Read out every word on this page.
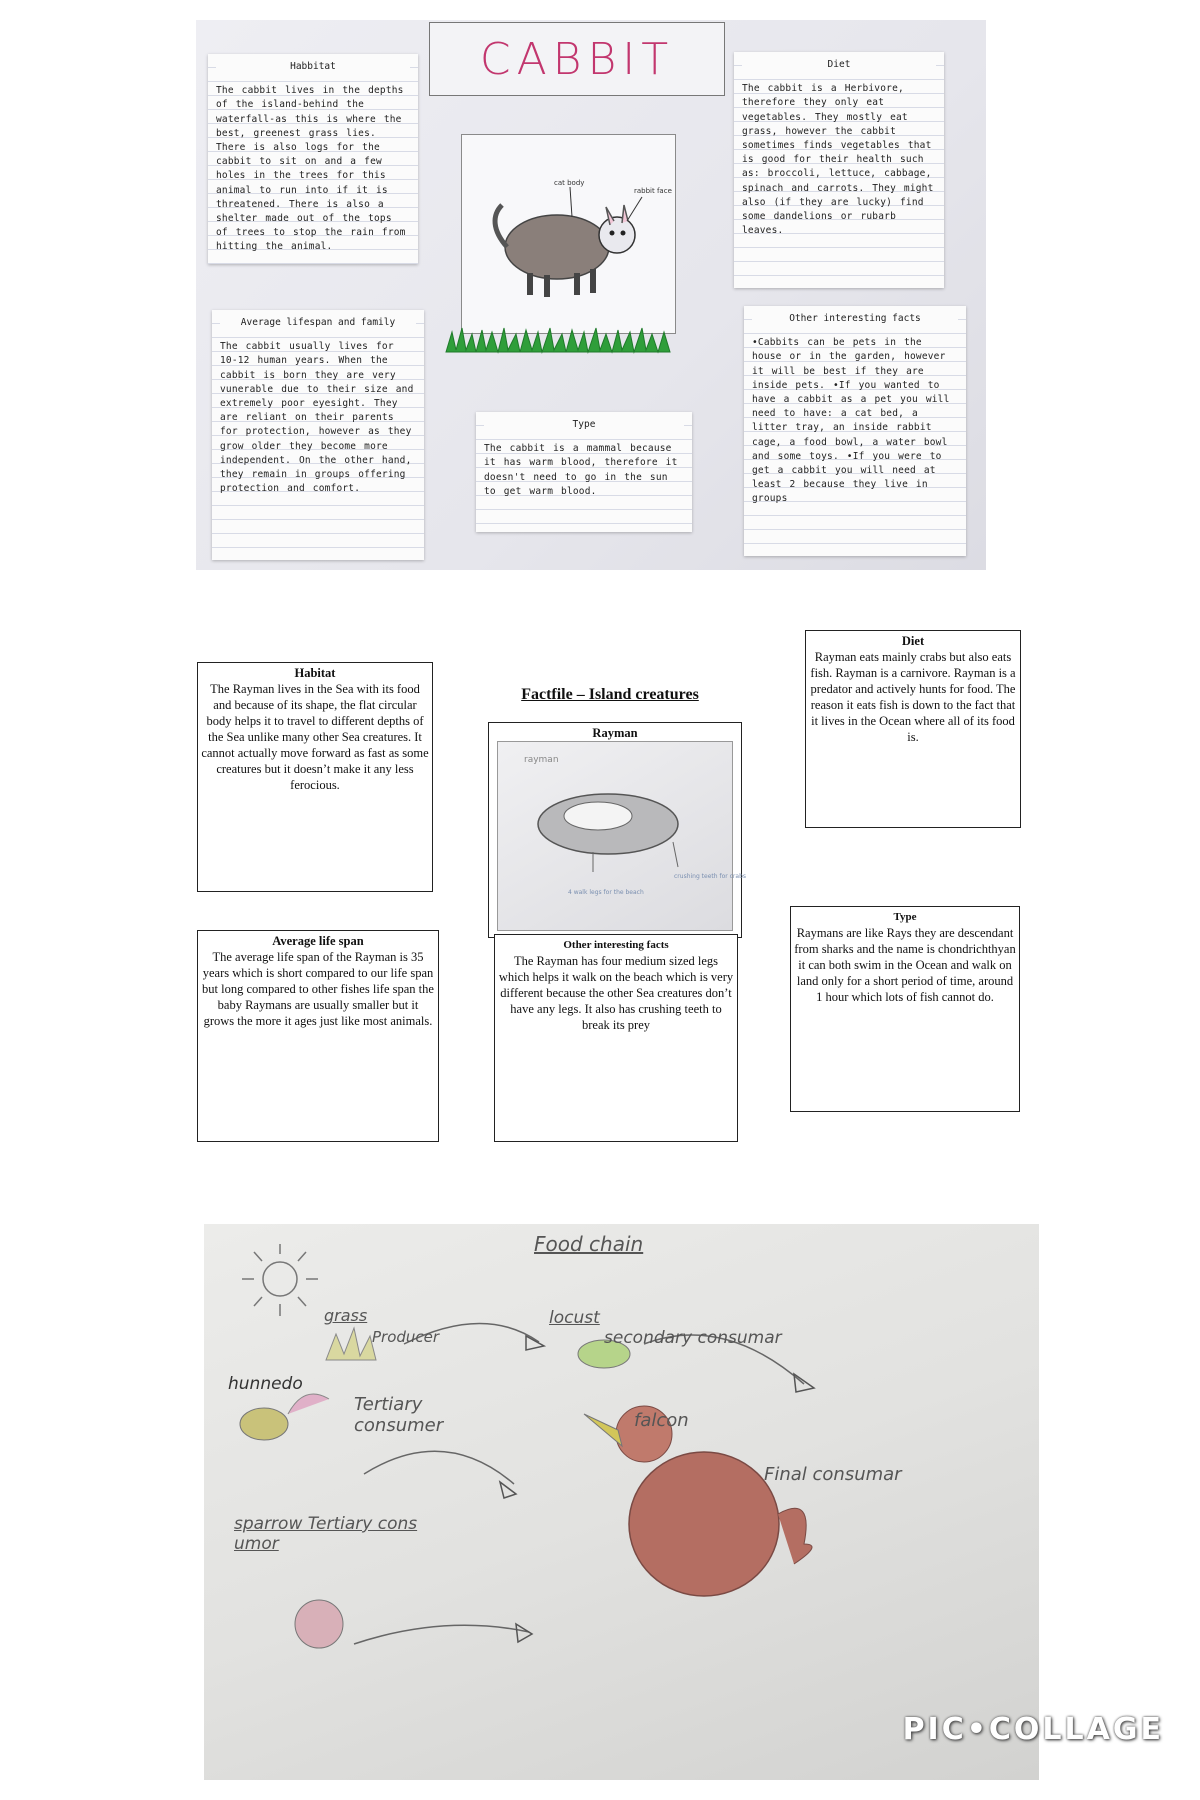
CABBIT
Habbitat

The cabbit lives in the depths of the island-behind the waterfall-as this is where the best, greenest grass lies. There is also logs for the cabbit to sit on and a few holes in the trees for this animal to run into if it is threatened. There is also a shelter made out of the tops of trees to stop the rain from hitting the animal.

Diet

The cabbit is a Herbivore, therefore they only eat vegetables. They mostly eat grass, however the cabbit sometimes finds vegetables that is good for their health such as: broccoli, lettuce, cabbage, spinach and carrots. They might also (if they are lucky) find some dandelions or rubarb leaves.

cat body
rabbit face
Average lifespan and family

The cabbit usually lives for 10-12 human years. When the cabbit is born they are very vunerable due to their size and extremely poor eyesight. They are reliant on their parents for protection, however as they grow older they become more independent. On the other hand, they remain in groups offering protection and comfort.

Type

The cabbit is a mammal because it has warm blood, therefore it doesn't need to go in the sun to get warm blood.

Other interesting facts

•Cabbits can be pets in the house or in the garden, however it will be best if they are inside pets. •If you wanted to have a cabbit as a pet you will need to have: a cat bed, a litter tray, an inside rabbit cage, a food bowl, a water bowl and some toys. •If you were to get a cabbit you will need at least 2 because they live in groups

Factfile – Island creatures
Habitat

The Rayman lives in the Sea with its food and because of its shape, the flat circular body helps it to travel to different depths of the Sea unlike many other Sea creatures. It cannot actually move forward as fast as some creatures but it doesn’t make it any less ferocious.

Rayman
rayman
4 walk legs for the beach
crushing teeth for crabs
Diet

Rayman eats mainly crabs but also eats fish. Rayman is a carnivore. Rayman is a predator and actively hunts for food. The reason it eats fish is down to the fact that it lives in the Ocean where all of its food is.

Average life span

The average life span of the Rayman is 35 years which is short compared to our life span but long compared to other fishes life span the baby Raymans are usually smaller but it grows the more it ages just like most animals.

Other interesting facts

The Rayman has four medium sized legs which helps it walk on the beach which is very different because the other Sea creatures don’t have any legs. It also has crushing teeth to break its prey

Type

Raymans are like Rays they are descendant from sharks and the name is chondrichthyan it can both swim in the Ocean and walk on land only for a short period of time, around 1 hour which lots of fish cannot do.

Food chain
grass
Producer
locust
secondary consumar
hunnedo
Tertiary consumer	falcon
Final consumar
sparrow Tertiary cons umor
PIC•COLLAGE
